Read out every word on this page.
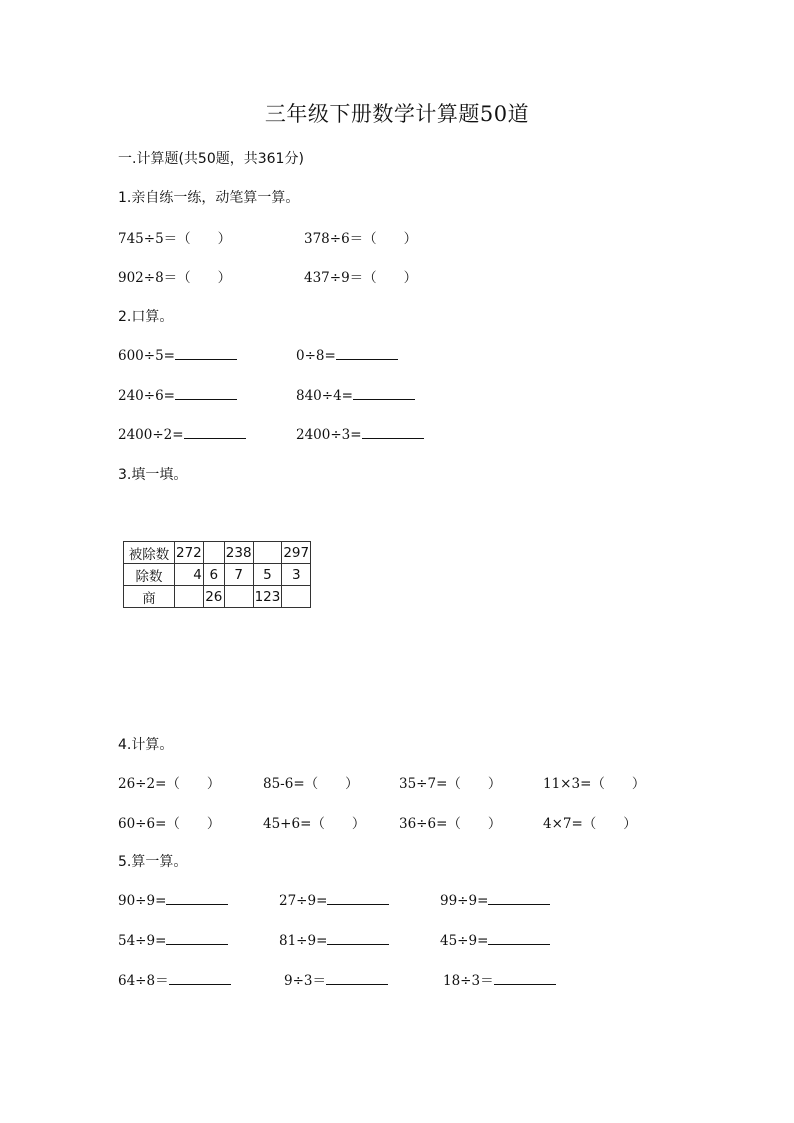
三年级下册数学计算题50道
一.计算题(共50题，共361分)
1.亲自练一练，动笔算一算。
745÷5＝（　　）	378÷6＝（　　）
902÷8＝（　　）	437÷9＝（　　）
2.口算。
600÷5=	0÷8=
240÷6=	840÷4=
2400÷2=	2400÷3=
3.填一填。
被除数	272		238		297
除数	4	6	7	5	3
商		26		123	
4.计算。
26÷2=（　　）	85-6=（　　）	35÷7=（　　）	11×3=（　　）
60÷6=（　　）	45+6=（　　） 36÷6=（　　）	4×7=（　　）
5.算一算。
90÷9=	27÷9=	99÷9=
54÷9=	81÷9=	45÷9=
64÷8＝	9÷3＝	18÷3＝
